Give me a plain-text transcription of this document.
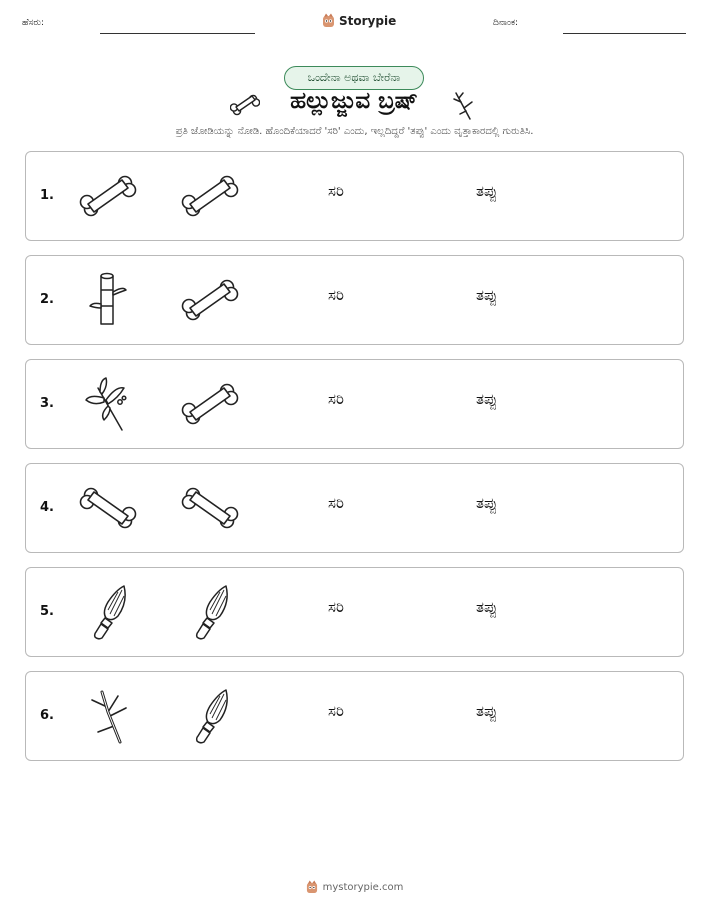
ಹೆಸರು:	Storypie	ದಿನಾಂಕ:
ಒಂದೇನಾ ಅಥವಾ ಬೇರೆನಾ
ಹಲ್ಲುಜ್ಜುವ ಬ್ರಷ್
ಪ್ರತಿ ಜೋಡಿಯನ್ನು ನೋಡಿ. ಹೊಂದಿಕೆಯಾದರೆ 'ಸರಿ' ಎಂದು, ಇಲ್ಲದಿದ್ದರೆ 'ತಪ್ಪು' ಎಂದು ವೃತ್ತಾಕಾರದಲ್ಲಿ ಗುರುತಿಸಿ.
1.	ಸರಿ	ತಪ್ಪು
2.	ಸರಿ	ತಪ್ಪು
3.	ಸರಿ	ತಪ್ಪು
4.	ಸರಿ	ತಪ್ಪು
5.	ಸರಿ	ತಪ್ಪು
6.	ಸರಿ	ತಪ್ಪು
mystorypie.com
